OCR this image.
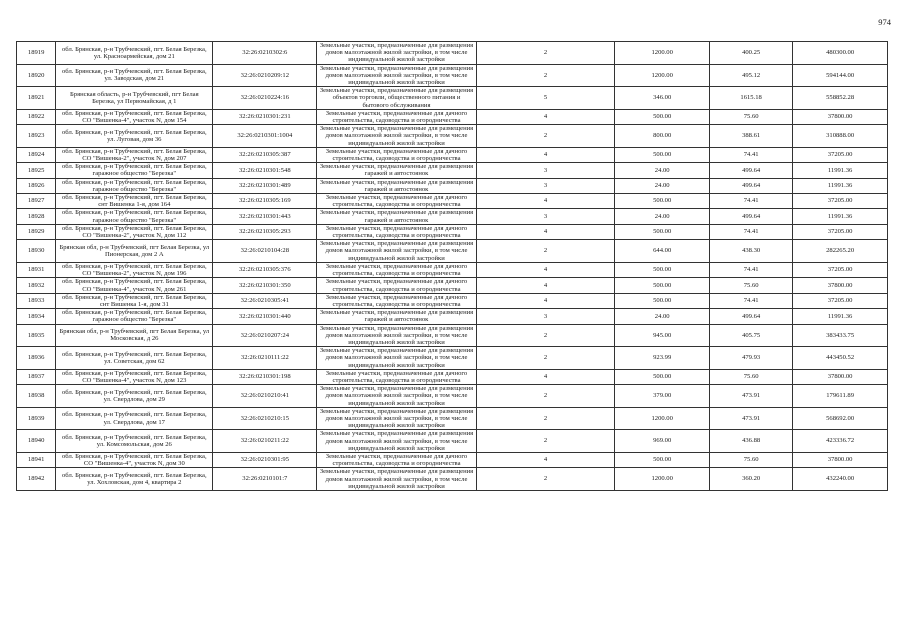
974
18919	обл. Брянская, р-н Трубчевский, пгт. Белая Березка, ул. Красноармейская, дом 21	32:26:0210302:6	Земельные участки, предназначенные для размещения домов малоэтажной жилой застройки, в том числе индивидуальной жилой застройки	2	1200.00	400.25	480300.00
18920	обл. Брянская, р-н Трубчевский, пгт. Белая Березка, ул. Заводская, дом 21	32:26:0210209:12	Земельные участки, предназначенные для размещения домов малоэтажной жилой застройки, в том числе индивидуальной жилой застройки	2	1200.00	495.12	594144.00
18921	Брянская область, р-н Трубчевский, пгт Белая Березка, ул Первомайская, д 1	32:26:0210224:16	Земельные участки, предназначенные для размещения объектов торговли, общественного питания и бытового обслуживания	5	346.00	1615.18	558852.28
18922	обл. Брянская, р-н Трубчевский, пгт. Белая Березка, СО "Вишенка-4", участок N, дом 154	32:26:0210301:231	Земельные участки, предназначенные для дачного строительства, садоводства и огородничества	4	500.00	75.60	37800.00
18923	обл. Брянская, р-н Трубчевский, пгт. Белая Березка, ул. Луговая, дом 36	32:26:0210301:1004	Земельные участки, предназначенные для размещения домов малоэтажной жилой застройки, в том числе индивидуальной жилой застройки	2	800.00	388.61	310888.00
18924	обл. Брянская, р-н Трубчевский, пгт. Белая Березка, СО "Вишенка-2", участок N, дом 207	32:26:0210305:387	Земельные участки, предназначенные для дачного строительства, садоводства и огородничества	4	500.00	74.41	37205.00
18925	обл. Брянская, р-н Трубчевский, пгт. Белая Березка, гаражное общество "Березка"	32:26:0210301:548	Земельные участки, предназначенные для размещения гаражей и автостоянок	3	24.00	499.64	11991.36
18926	обл. Брянская, р-н Трубчевский, пгт. Белая Березка, гаражное общество "Березка"	32:26:0210301:489	Земельные участки, предназначенные для размещения гаражей и автостоянок	3	24.00	499.64	11991.36
18927	обл. Брянская, р-н Трубчевский, пгт. Белая Березка, снт Вишенка 1-я, дом 164	32:26:0210305:169	Земельные участки, предназначенные для дачного строительства, садоводства и огородничества	4	500.00	74.41	37205.00
18928	обл. Брянская, р-н Трубчевский, пгт. Белая Березка, гаражное общество "Березка"	32:26:0210301:443	Земельные участки, предназначенные для размещения гаражей и автостоянок	3	24.00	499.64	11991.36
18929	обл. Брянская, р-н Трубчевский, пгт. Белая Березка, СО "Вишенка-2", участок N, дом 112	32:26:0210305:293	Земельные участки, предназначенные для дачного строительства, садоводства и огородничества	4	500.00	74.41	37205.00
18930	Брянская обл, р-н Трубчевский, пгт Белая Березка, ул Пионерская, дом 2 А	32:26:0210104:28	Земельные участки, предназначенные для размещения домов малоэтажной жилой застройки, в том числе индивидуальной жилой застройки	2	644.00	438.30	282265.20
18931	обл. Брянская, р-н Трубчевский, пгт. Белая Березка, СО "Вишенка-2", участок N, дом 196	32:26:0210305:376	Земельные участки, предназначенные для дачного строительства, садоводства и огородничества	4	500.00	74.41	37205.00
18932	обл. Брянская, р-н Трубчевский, пгт. Белая Березка, СО "Вишенка-4", участок N, дом 261	32:26:0210301:350	Земельные участки, предназначенные для дачного строительства, садоводства и огородничества	4	500.00	75.60	37800.00
18933	обл. Брянская, р-н Трубчевский, пгт. Белая Березка, снт Вишенка 1-я, дом 31	32:26:0210305:41	Земельные участки, предназначенные для дачного строительства, садоводства и огородничества	4	500.00	74.41	37205.00
18934	обл. Брянская, р-н Трубчевский, пгт. Белая Березка, гаражное общество "Березка"	32:26:0210301:440	Земельные участки, предназначенные для размещения гаражей и автостоянок	3	24.00	499.64	11991.36
18935	Брянская обл, р-н Трубчевский, пгт Белая Березка, ул Московская, д 26	32:26:0210207:24	Земельные участки, предназначенные для размещения домов малоэтажной жилой застройки, в том числе индивидуальной жилой застройки	2	945.00	405.75	383433.75
18936	обл. Брянская, р-н Трубчевский, пгт. Белая Березка, ул. Советская, дом 62	32:26:0210111:22	Земельные участки, предназначенные для размещения домов малоэтажной жилой застройки, в том числе индивидуальной жилой застройки	2	923.99	479.93	443450.52
18937	обл. Брянская, р-н Трубчевский, пгт. Белая Березка, СО "Вишенка-4", участок N, дом 123	32:26:0210301:198	Земельные участки, предназначенные для дачного строительства, садоводства и огородничества	4	500.00	75.60	37800.00
18938	обл. Брянская, р-н Трубчевский, пгт. Белая Березка, ул. Свердлова, дом 29	32:26:0210210:41	Земельные участки, предназначенные для размещения домов малоэтажной жилой застройки, в том числе индивидуальной жилой застройки	2	379.00	473.91	179611.89
18939	обл. Брянская, р-н Трубчевский, пгт. Белая Березка, ул. Свердлова, дом 17	32:26:0210210:15	Земельные участки, предназначенные для размещения домов малоэтажной жилой застройки, в том числе индивидуальной жилой застройки	2	1200.00	473.91	568692.00
18940	обл. Брянская, р-н Трубчевский, пгт. Белая Березка, ул. Комсомольская, дом 26	32:26:0210211:22	Земельные участки, предназначенные для размещения домов малоэтажной жилой застройки, в том числе индивидуальной жилой застройки	2	969.00	436.88	423336.72
18941	обл. Брянская, р-н Трубчевский, пгт. Белая Березка, СО "Вишенка-4", участок N, дом 30	32:26:0210301:95	Земельные участки, предназначенные для дачного строительства, садоводства и огородничества	4	500.00	75.60	37800.00
18942	обл. Брянская, р-н Трубчевский, пгт. Белая Березка, ул. Хохловская, дом 4, квартира 2	32:26:0210101:7	Земельные участки, предназначенные для размещения домов малоэтажной жилой застройки, в том числе индивидуальной жилой застройки	2	1200.00	360.20	432240.00
